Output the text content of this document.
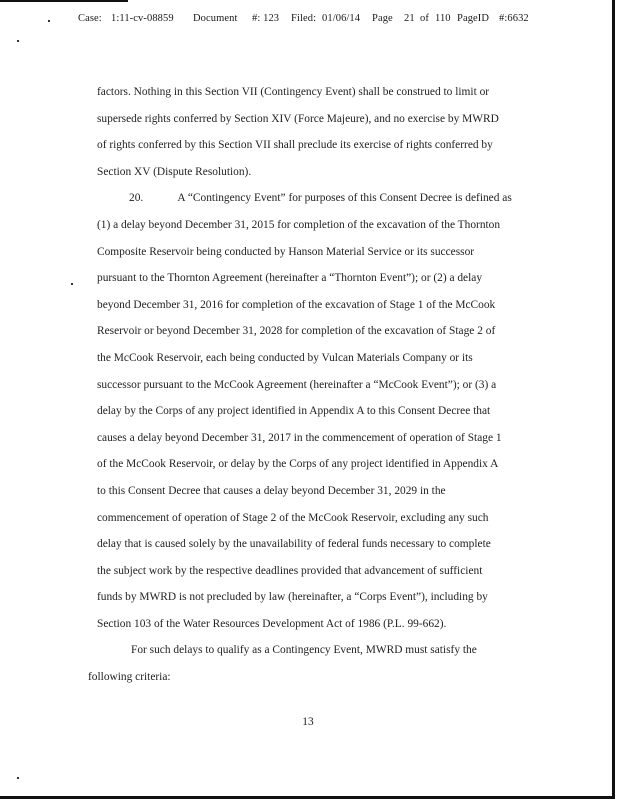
Case: 1:11-cv-08859 Document #: 123 Filed: 01/06/14 Page 21 of 110 PageID #:6632
factors. Nothing in this Section VII (Contingency Event) shall be construed to limit or
supersede rights conferred by Section XIV (Force Majeure), and no exercise by MWRD
of rights conferred by this Section VII shall preclude its exercise of rights conferred by
Section XV (Dispute Resolution).
20.   A “Contingency Event” for purposes of this Consent Decree is defined as
(1) a delay beyond December 31, 2015 for completion of the excavation of the Thornton
Composite Reservoir being conducted by Hanson Material Service or its successor
pursuant to the Thornton Agreement (hereinafter a “Thornton Event”); or (2) a delay
beyond December 31, 2016 for completion of the excavation of Stage 1 of the McCook
Reservoir or beyond December 31, 2028 for completion of the excavation of Stage 2 of
the McCook Reservoir, each being conducted by Vulcan Materials Company or its
successor pursuant to the McCook Agreement (hereinafter a “McCook Event”); or (3) a
delay by the Corps of any project identified in Appendix A to this Consent Decree that
causes a delay beyond December 31, 2017 in the commencement of operation of Stage 1
of the McCook Reservoir, or delay by the Corps of any project identified in Appendix A
to this Consent Decree that causes a delay beyond December 31, 2029 in the
commencement of operation of Stage 2 of the McCook Reservoir, excluding any such
delay that is caused solely by the unavailability of federal funds necessary to complete
the subject work by the respective deadlines provided that advancement of sufficient
funds by MWRD is not precluded by law (hereinafter, a “Corps Event”), including by
Section 103 of the Water Resources Development Act of 1986 (P.L. 99-662).
For such delays to qualify as a Contingency Event, MWRD must satisfy the
following criteria:
13
